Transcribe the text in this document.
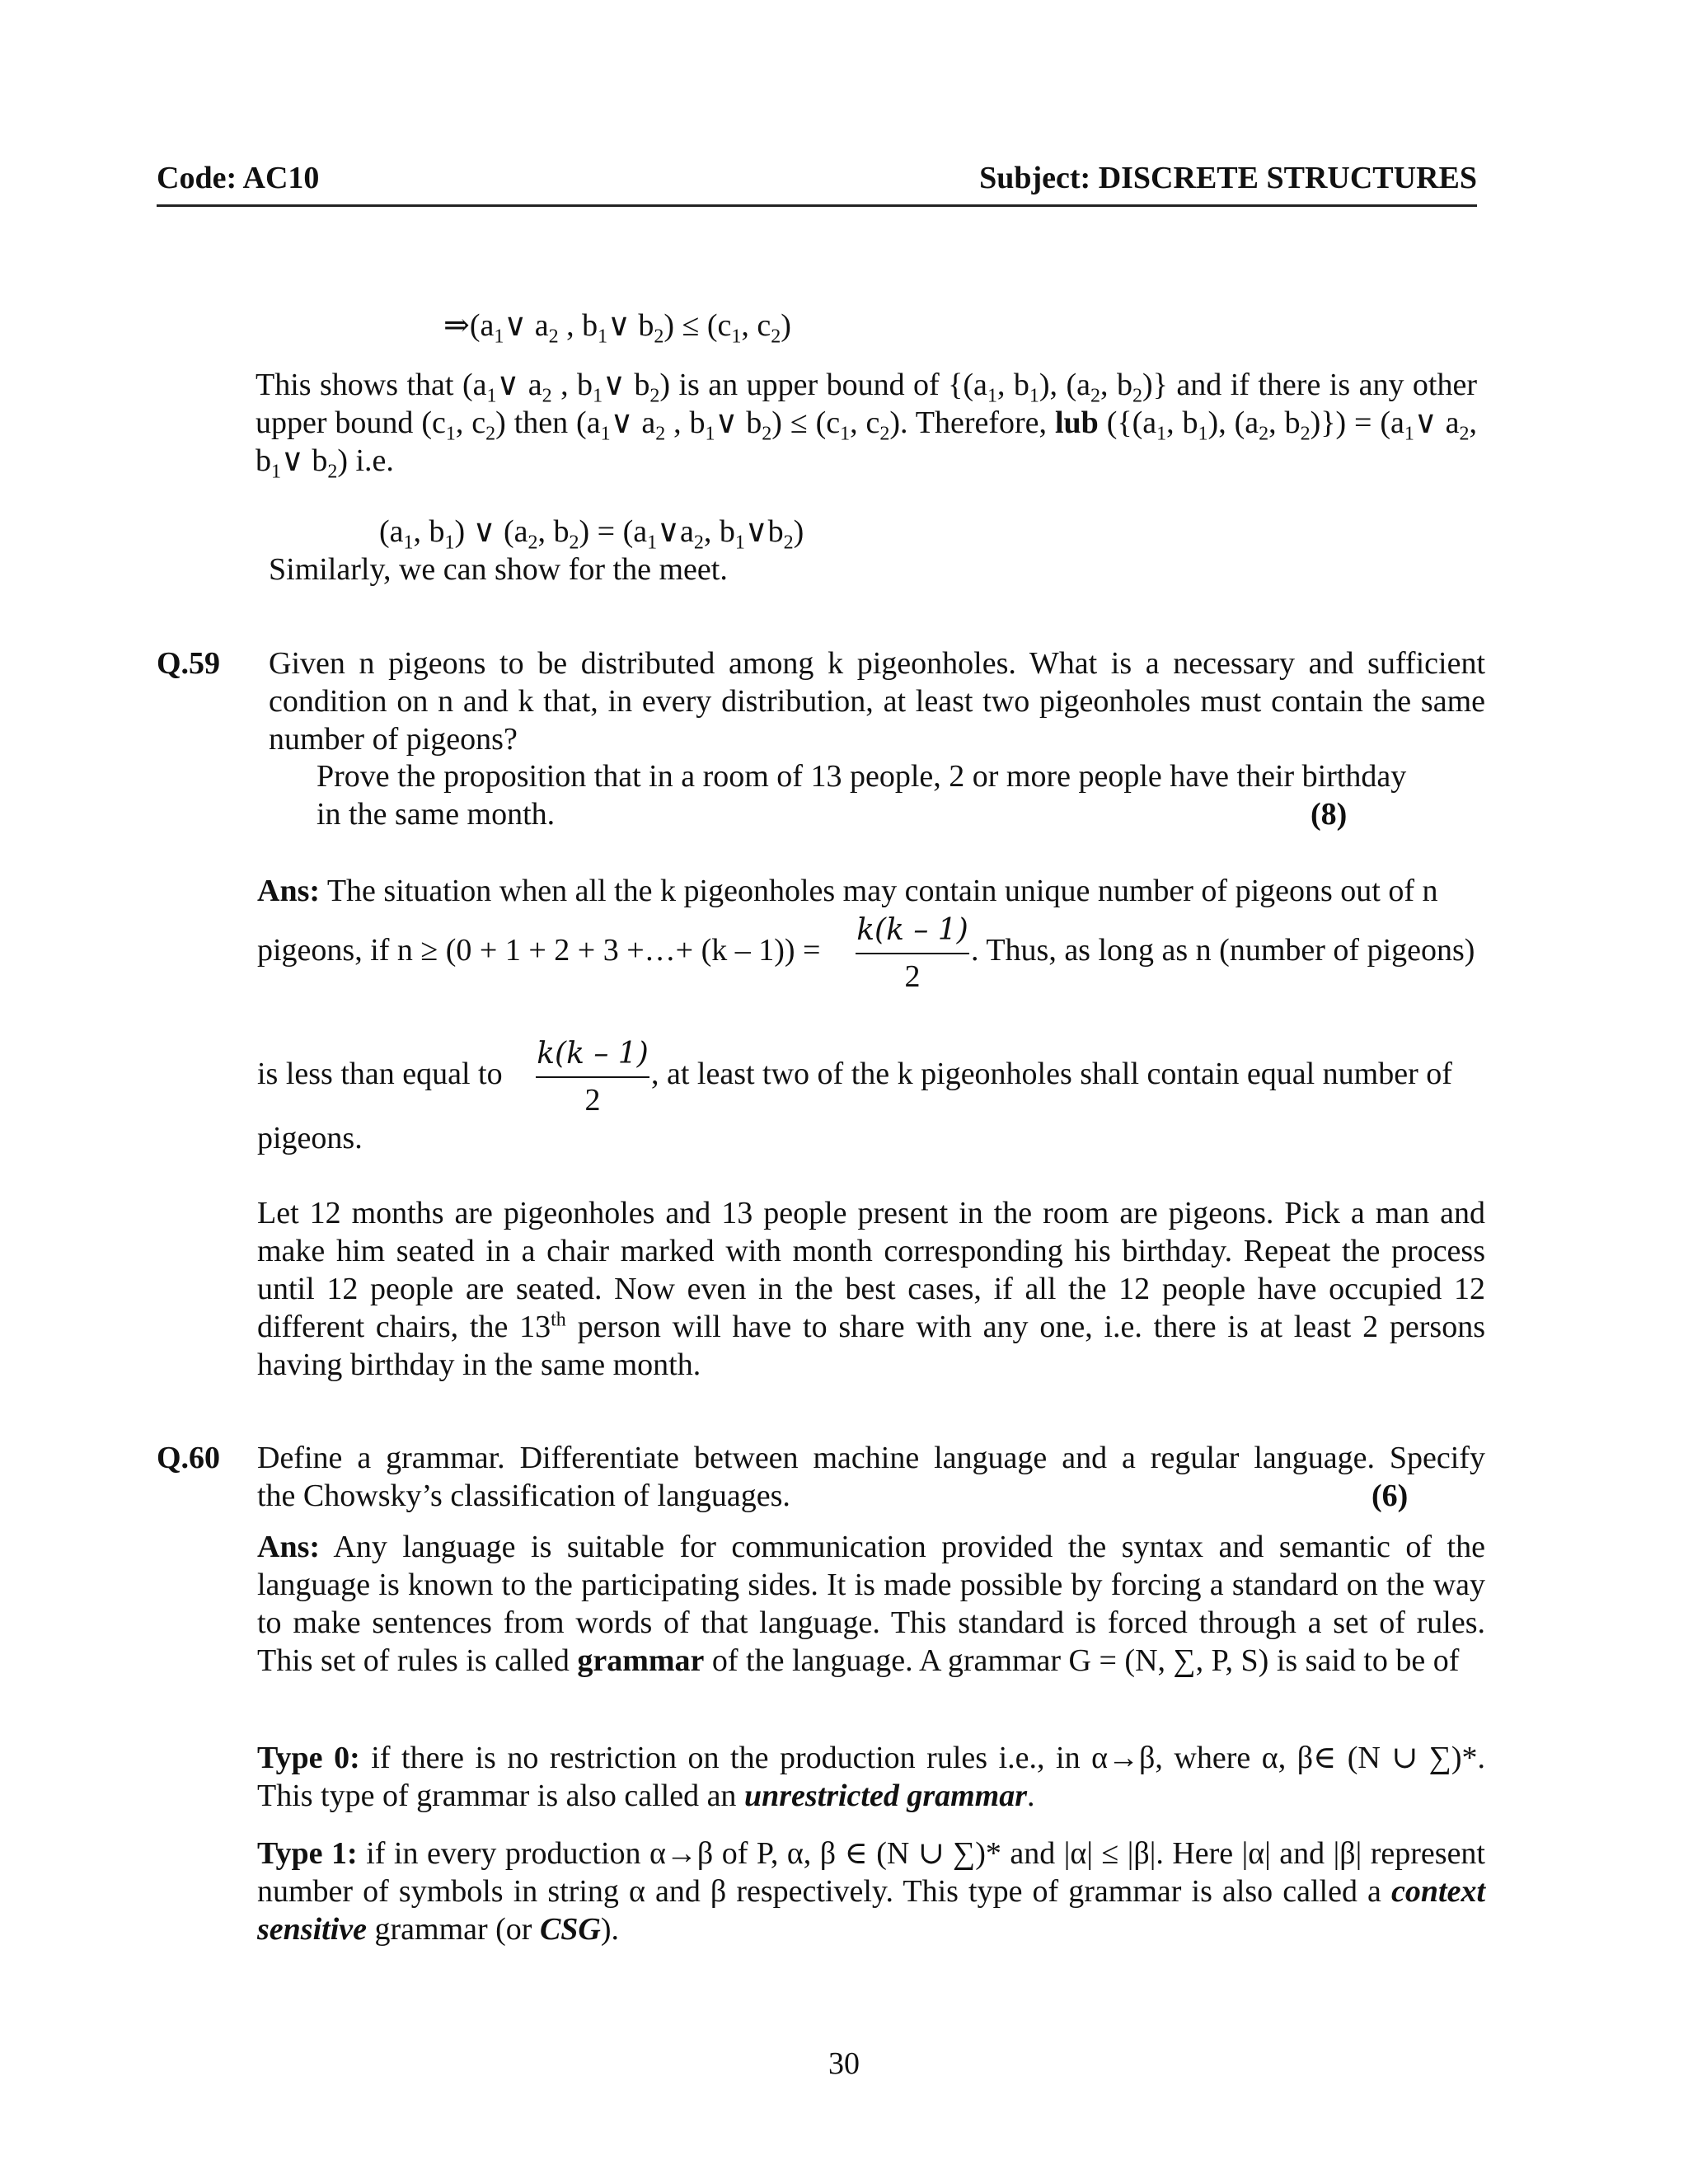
Code: AC10	Subject: DISCRETE STRUCTURES
$\Rightarrow(a_1\vee$ $a_2$ , $b_1\vee$ $b_2) \le (c_1$, $c_2$)
This shows that ($a_1\vee$ $a_2$ , $b_1\vee$ $b_2$) is an upper bound of {($a_1$, $b_1$), ($a_2$, $b_2$)} and if there is any other upper bound ($c_1$, $c_2$) then ($a_1\vee$ $a_2$ , $b_1\vee$ $b_2) \le (c_1$, $c_2$). Therefore, lub ({($a_1$, $b_1$), ($a_2$, $b_2$)}) = ($a_1\vee$ $a_2$, $b_1\vee$ $b_2$) i.e.
($a_1$, $b_1$) ∨ ($a_2$, $b_2$) = ($a_1\vee a_2$, $b_1\vee b_2$)
Similarly, we can show for the meet.
Q.59 Given n pigeons to be distributed among k pigeonholes. What is a necessary and sufficient condition on n and k that, in every distribution, at least two pigeonholes must contain the same number of pigeons?
Prove the proposition that in a room of 13 people, 2 or more people have their birthday
in the same month.	(8)
Ans: The situation when all the k pigeonholes may contain unique number of pigeons out of n
pigeons, if n ≥ (0 + 1 + 2 + 3 +…+ (k – 1)) =
k(k – 1)
2
. Thus, as long as n (number of pigeons)
is less than equal to
k(k – 1)
2
, at least two of the k pigeonholes shall contain equal number of
pigeons.
Let 12 months are pigeonholes and 13 people present in the room are pigeons. Pick a man and make him seated in a chair marked with month corresponding his birthday. Repeat the process until 12 people are seated. Now even in the best cases, if all the 12 people have occupied 12 different chairs, the 13th person will have to share with any one, i.e. there is at least 2 persons having birthday in the same month.
Q.60 Define a grammar. Differentiate between machine language and a regular language. Specify
the Chowsky’s classification of languages.	(6)
Ans: Any language is suitable for communication provided the syntax and semantic of the language is known to the participating sides. It is made possible by forcing a standard on the way to make sentences from words of that language. This standard is forced through a set of rules. This set of rules is called grammar of the language. A grammar G = (N, ∑, P, S) is said to be of
Type 0: if there is no restriction on the production rules i.e., in α→β, where α, β∈ (N ∪ ∑)*. This type of grammar is also called an unrestricted grammar.
Type 1: if in every production α→β of P, α, β ∈ (N ∪ ∑)* and |α| ≤ |β|. Here |α| and |β| represent number of symbols in string α and β respectively. This type of grammar is also called a context sensitive grammar (or CSG).
30
